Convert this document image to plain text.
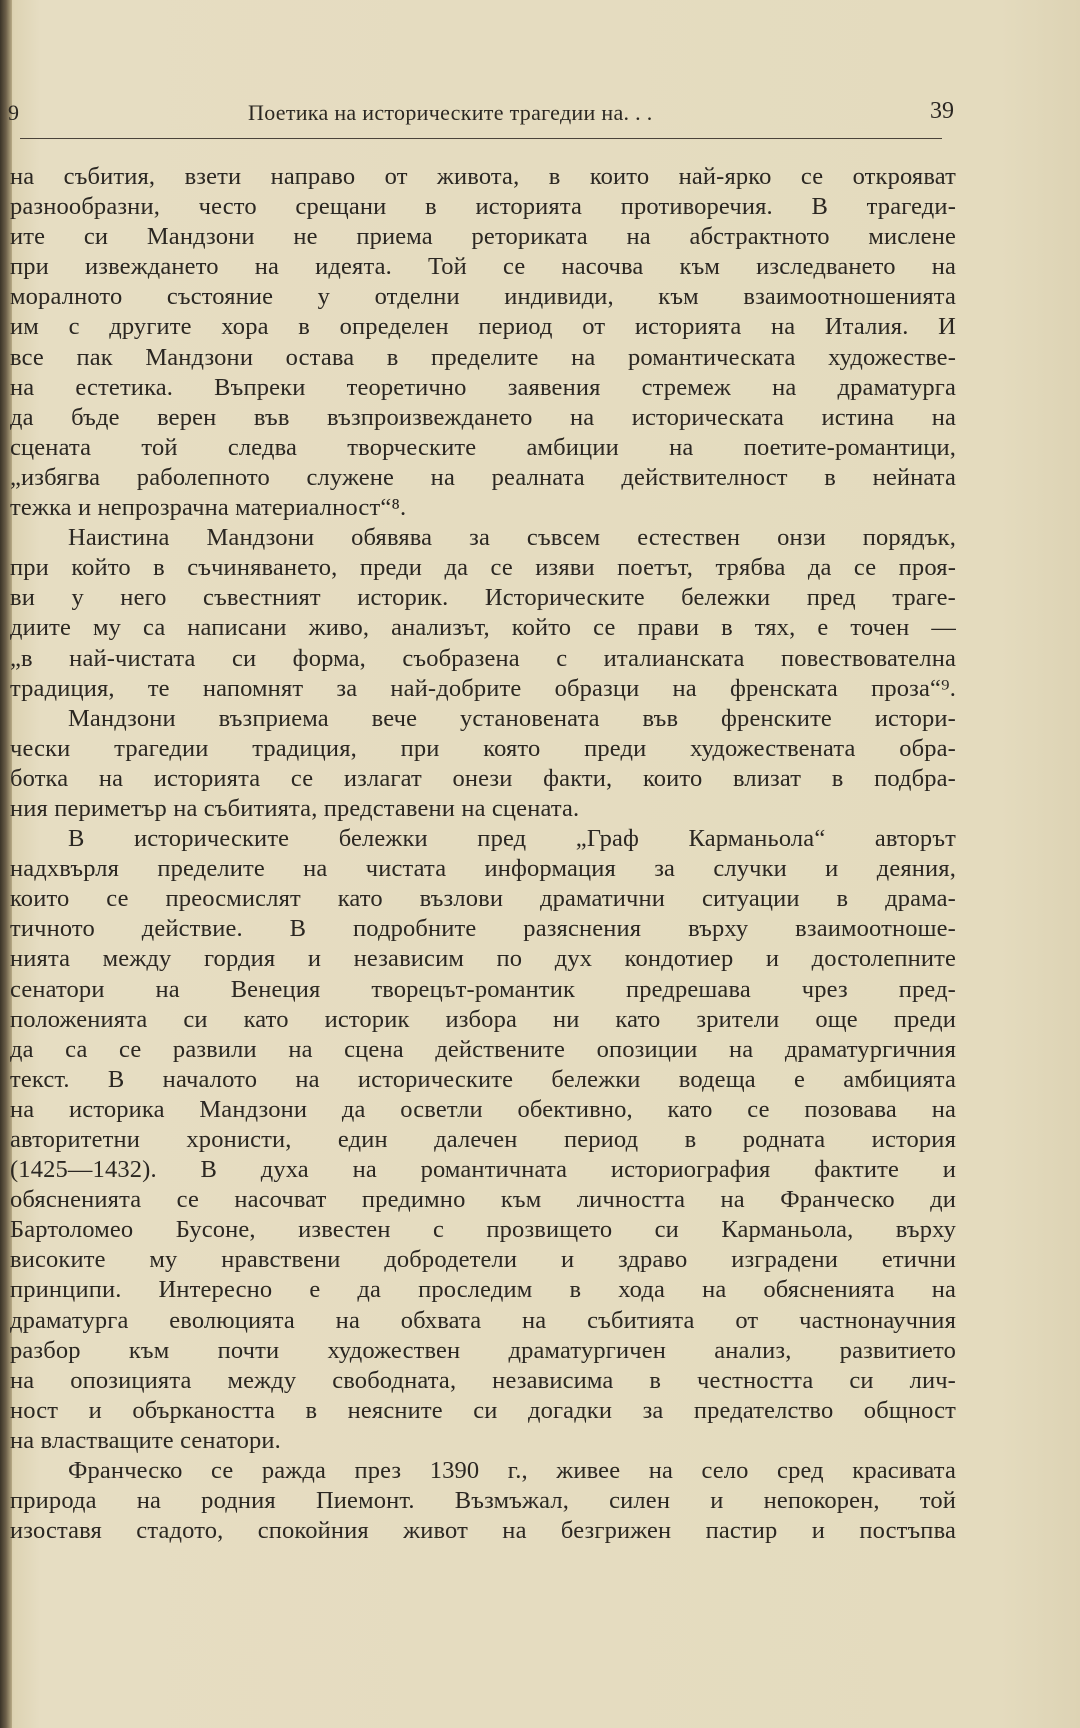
9	Поетика на историческите трагедии на. . .	39
на събития, взети направо от живота, в които най-ярко се открояват
разнообразни, често срещани в историята противоречия. В трагеди-
ите си Мандзони не приема реториката на абстрактното мислене
при извеждането на идеята. Той се насочва към изследването на
моралното състояние у отделни индивиди, към взаимоотношенията
им с другите хора в определен период от историята на Италия. И
все пак Мандзони остава в пределите на романтическата художестве-
на естетика. Въпреки теоретично заявения стремеж на драматурга
да бъде верен във възпроизвеждането на историческата истина на
сцената той следва творческите амбиции на поетите-романтици,
„избягва раболепното служене на реалната действителност в нейната
тежка и непрозрачна материалност“⁸.
Наистина Мандзони обявява за съвсем естествен онзи порядък,
при който в съчиняването, преди да се изяви поетът, трябва да се проя-
ви у него съвестният историк. Историческите бележки пред траге-
диите му са написани живо, анализът, който се прави в тях, е точен —
„в най-чистата си форма, съобразена с италианската повествователна
традиция, те напомнят за най-добрите образци на френската проза“⁹.
Мандзони възприема вече установената във френските истори-
чески трагедии традиция, при която преди художествената обра-
ботка на историята се излагат онези факти, които влизат в подбра-
ния периметър на събитията, представени на сцената.
В историческите бележки пред „Граф Карманьола“ авторът
надхвърля пределите на чистата информация за случки и деяния,
които се преосмислят като възлови драматични ситуации в драма-
тичното действие. В подробните разяснения върху взаимоотноше-
нията между гордия и независим по дух кондотиер и достолепните
сенатори на Венеция творецът-романтик предрешава чрез пред-
положенията си като историк избора ни като зрители още преди
да са се развили на сцена действените опозиции на драматургичния
текст. В началото на историческите бележки водеща е амбицията
на историка Мандзони да осветли обективно, като се позовава на
авторитетни хронисти, един далечен период в родната история
(1425—1432). В духа на романтичната историография фактите и
обясненията се насочват предимно към личността на Франческо ди
Бартоломео Бусоне, известен с прозвището си Карманьола, върху
високите му нравствени добродетели и здраво изградени етични
принципи. Интересно е да проследим в хода на обясненията на
драматурга еволюцията на обхвата на събитията от частнонаучния
разбор към почти художествен драматургичен анализ, развитието
на опозицията между свободната, независима в честността си лич-
ност и объркаността в неясните си догадки за предателство общност
на властващите сенатори.
Франческо се ражда през 1390 г., живее на село сред красивата
природа на родния Пиемонт. Възмъжал, силен и непокорен, той
изоставя стадото, спокойния живот на безгрижен пастир и постъпва
